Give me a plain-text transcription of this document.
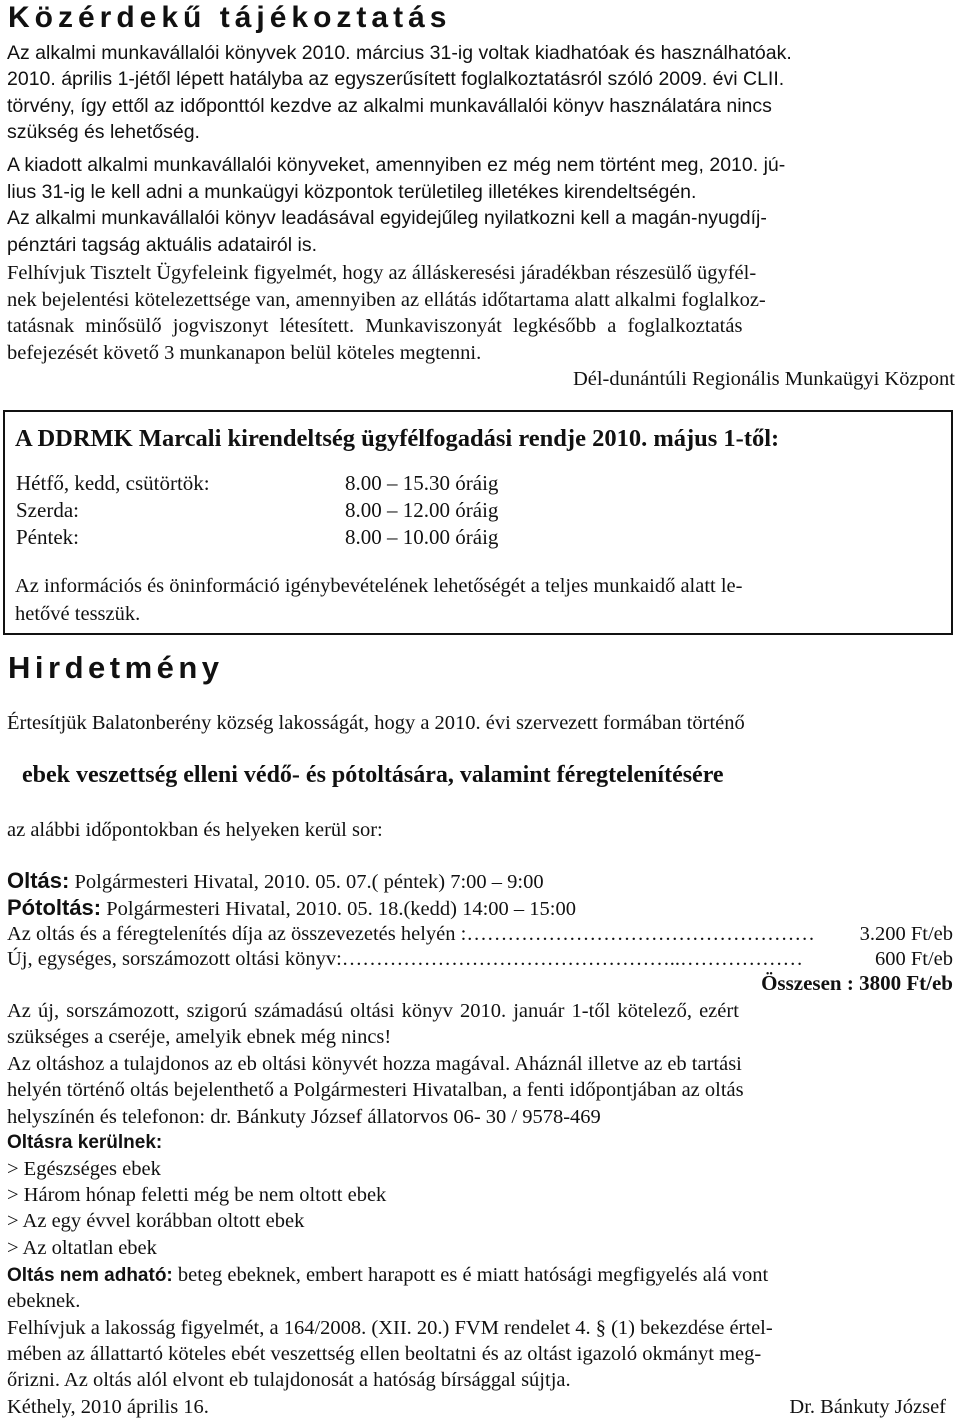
Közérdekű tájékoztatás
Az alkalmi munkavállalói könyvek 2010. március 31-ig voltak kiadhatóak és használhatóak.
2010. április 1-jétől lépett hatályba az egyszerűsített foglalkoztatásról szóló 2009. évi CLII.
törvény, így ettől az időponttól kezdve az alkalmi munkavállalói könyv használatára nincs
szükség és lehetőség.
A kiadott alkalmi munkavállalói könyveket, amennyiben ez még nem történt meg, 2010. jú-
lius 31-ig le kell adni a munkaügyi központok területileg illetékes kirendeltségén.
Az alkalmi munkavállalói könyv leadásával egyidejűleg nyilatkozni kell a magán-nyugdíj-
pénztári tagság aktuális adatairól is.
Felhívjuk Tisztelt Ügyfeleink figyelmét, hogy az álláskeresési járadékban részesülő ügyfél-
nek bejelentési kötelezettsége van, amennyiben az ellátás időtartama alatt alkalmi foglalkoz-
tatásnak minősülő jogviszonyt létesített. Munkaviszonyát legkésőbb a foglalkoztatás
befejezését követő 3 munkanapon belül köteles megtenni.
Dél-dunántúli Regionális Munkaügyi Központ
A DDRMK Marcali kirendeltség ügyfélfogadási rendje 2010. május 1-től:
Hétfő, kedd, csütörtök:	8.00 – 15.30 óráig
Szerda:	8.00 – 12.00 óráig
Péntek:	8.00 – 10.00 óráig
Az információs és öninformáció igénybevételének lehetőségét a teljes munkaidő alatt le-
hetővé tesszük.
Hirdetmény
Értesítjük Balatonberény község lakosságát, hogy a 2010. évi szervezett formában történő
ebek veszettség elleni védő- és pótoltására, valamint féregtelenítésére
az alábbi időpontokban és helyeken kerül sor:
Oltás: Polgármesteri Hivatal, 2010. 05. 07.( péntek) 7:00 – 9:00
Pótoltás: Polgármesteri Hivatal, 2010. 05. 18.(kedd) 14:00 – 15:00
Az oltás és a féregtelenítés díja az összevezetés helyén : ……………………………………………	3.200 Ft/eb
Új, egységes, sorszámozott oltási könyv: …………………………………………..………………	600 Ft/eb
Összesen : 3800 Ft/eb
Az új, sorszámozott, szigorú számadású oltási könyv 2010. január 1-től kötelező, ezért
szükséges a cseréje, amelyik ebnek még nincs!
Az oltáshoz a tulajdonos az eb oltási könyvét hozza magával. Aháznál illetve az eb tartási
helyén történő oltás bejelenthető a Polgármesteri Hivatalban, a fenti időpontjában az oltás
helyszínén és telefonon: dr. Bánkuty József állatorvos 06- 30 / 9578-469
Oltásra kerülnek:
> Egészséges ebek
> Három hónap feletti még be nem oltott ebek
> Az egy évvel korábban oltott ebek
> Az oltatlan ebek
Oltás nem adható: beteg ebeknek, embert harapott es é miatt hatósági megfigyelés alá vont
ebeknek.
Felhívjuk a lakosság figyelmét, a 164/2008. (XII. 20.) FVM rendelet 4. § (1) bekezdése értel-
mében az állattartó köteles ebét veszettség ellen beoltatni és az oltást igazoló okmányt meg-
őrizni. Az oltás alól elvont eb tulajdonosát a hatóság bírsággal sújtja.
Kéthely, 2010 április 16.	Dr. Bánkuty József
